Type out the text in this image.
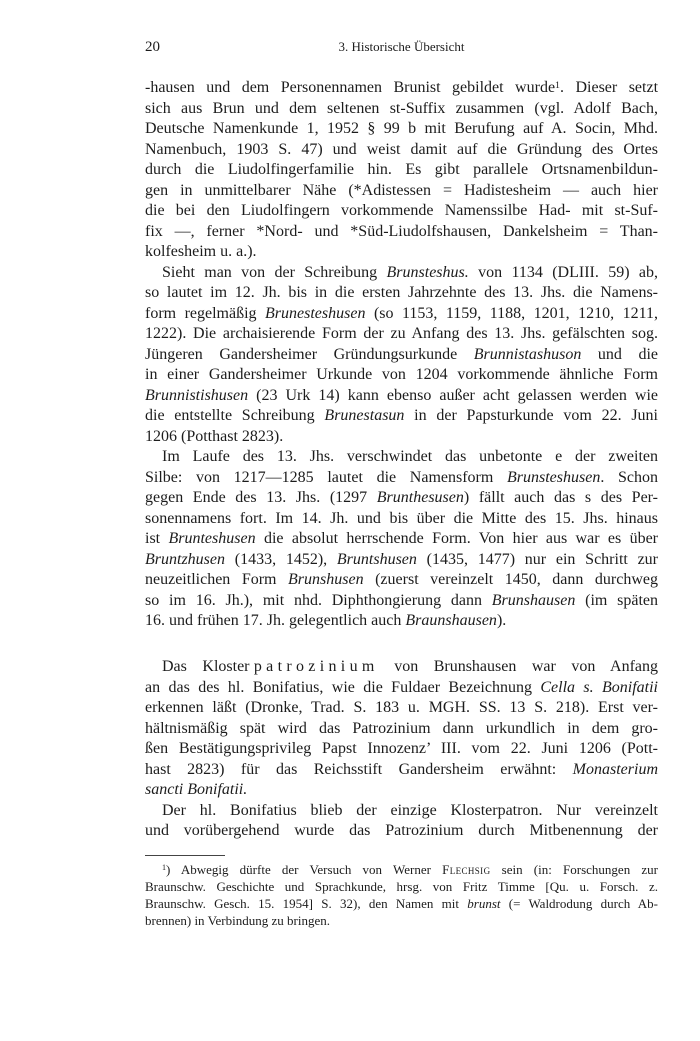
20	3. Historische Übersicht
-hausen und dem Personennamen Brunist gebildet wurde$^1$. Dieser setzt
sich aus Brun und dem seltenen st-Suffix zusammen (vgl. Adolf Bach,
Deutsche Namenkunde 1, 1952 § 99 b mit Berufung auf A. Socin, Mhd.
Namenbuch, 1903 S. 47) und weist damit auf die Gründung des Ortes
durch die Liudolfingerfamilie hin. Es gibt parallele Ortsnamenbildun-
gen in unmittelbarer Nähe (*Adistessen = Hadistesheim — auch hier
die bei den Liudolfingern vorkommende Namenssilbe Had- mit st-Suf-
fix —, ferner *Nord- und *Süd-Liudolfshausen, Dankelsheim = Than-
kolfesheim u. a.).
Sieht man von der Schreibung Brunsteshus. von 1134 (DLIII. 59) ab,
so lautet im 12. Jh. bis in die ersten Jahrzehnte des 13. Jhs. die Namens-
form regelmäßig Brunesteshusen (so 1153, 1159, 1188, 1201, 1210, 1211,
1222). Die archaisierende Form der zu Anfang des 13. Jhs. gefälschten sog.
Jüngeren Gandersheimer Gründungsurkunde Brunnistashuson und die
in einer Gandersheimer Urkunde von 1204 vorkommende ähnliche Form
Brunnistishusen (23 Urk 14) kann ebenso außer acht gelassen werden wie
die entstellte Schreibung Brunestasun in der Papsturkunde vom 22. Juni
1206 (Potthast 2823).
Im Laufe des 13. Jhs. verschwindet das unbetonte e der zweiten
Silbe: von 1217—1285 lautet die Namensform Brunsteshusen. Schon
gegen Ende des 13. Jhs. (1297 Brunthesusen) fällt auch das s des Per-
sonennamens fort. Im 14. Jh. und bis über die Mitte des 15. Jhs. hinaus
ist Brunteshusen die absolut herrschende Form. Von hier aus war es über
Bruntzhusen (1433, 1452), Bruntshusen (1435, 1477) nur ein Schritt zur
neuzeitlichen Form Brunshusen (zuerst vereinzelt 1450, dann durchweg
so im 16. Jh.), mit nhd. Diphthongierung dann Brunshausen (im späten
16. und frühen 17. Jh. gelegentlich auch Braunshausen).
Das Kloster patrozinium von Brunshausen war von Anfang
an das des hl. Bonifatius, wie die Fuldaer Bezeichnung Cella s. Bonifatii
erkennen läßt (Dronke, Trad. S. 183 u. MGH. SS. 13 S. 218). Erst ver-
hältnismäßig spät wird das Patrozinium dann urkundlich in dem gro-
ßen Bestätigungsprivileg Papst Innozenz’ III. vom 22. Juni 1206 (Pott-
hast 2823) für das Reichsstift Gandersheim erwähnt: Monasterium
sancti Bonifatii.
Der hl. Bonifatius blieb der einzige Klosterpatron. Nur vereinzelt
und vorübergehend wurde das Patrozinium durch Mitbenennung der
$^1$) Abwegig dürfte der Versuch von Werner Flechsig sein (in: Forschungen zur
Braunschw. Geschichte und Sprachkunde, hrsg. von Fritz Timme [Qu. u. Forsch. z.
Braunschw. Gesch. 15. 1954] S. 32), den Namen mit brunst (= Waldrodung durch Ab-
brennen) in Verbindung zu bringen.
